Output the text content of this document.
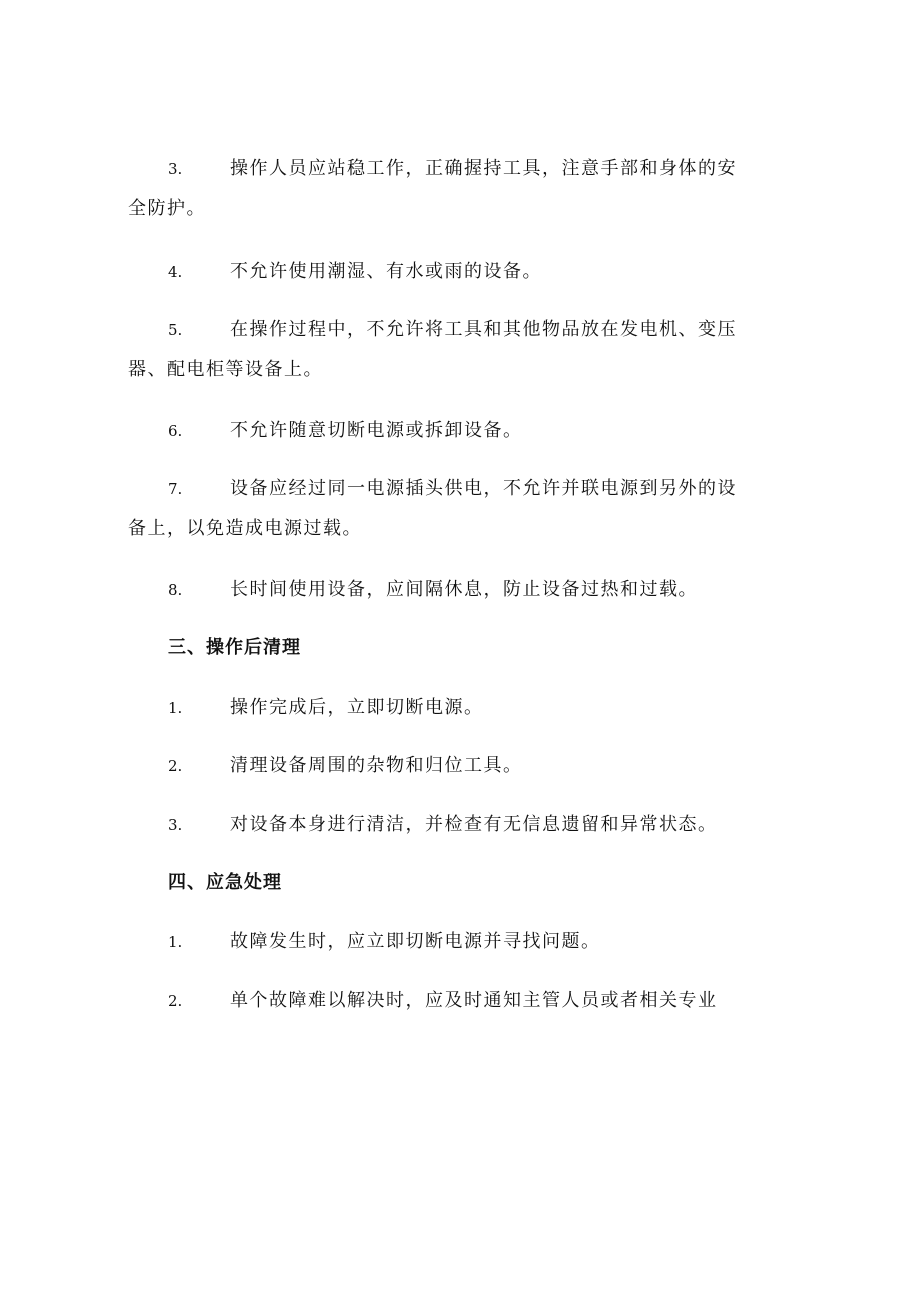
3.	操作人员应站稳工作，正确握持工具，注意手部和身体的安全防护。
4.	不允许使用潮湿、有水或雨的设备。
5.	在操作过程中，不允许将工具和其他物品放在发电机、变压器、配电柜等设备上。
6.	不允许随意切断电源或拆卸设备。
7.	设备应经过同一电源插头供电，不允许并联电源到另外的设备上，以免造成电源过载。
8.	长时间使用设备，应间隔休息，防止设备过热和过载。
三、操作后清理
1.	操作完成后，立即切断电源。
2.	清理设备周围的杂物和归位工具。
3.	对设备本身进行清洁，并检查有无信息遗留和异常状态。
四、应急处理
1.	故障发生时，应立即切断电源并寻找问题。
2.	单个故障难以解决时，应及时通知主管人员或者相关专业
